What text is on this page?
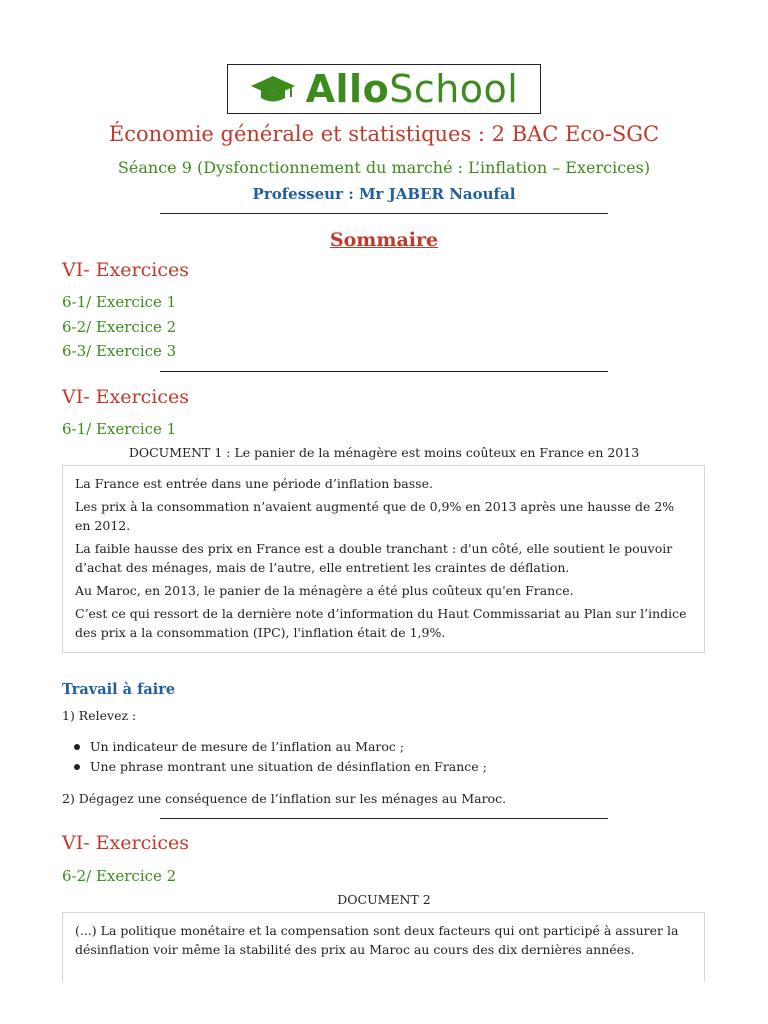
AlloSchool
Économie générale et statistiques : 2 BAC Eco-SGC
Séance 9 (Dysfonctionnement du marché : L’inflation – Exercices)
Professeur : Mr JABER Naoufal
Sommaire
VI- Exercices
6-1/ Exercice 1
6-2/ Exercice 2
6-3/ Exercice 3
VI- Exercices
6-1/ Exercice 1
DOCUMENT 1 : Le panier de la ménagère est moins coûteux en France en 2013

La France est entrée dans une période d’inflation basse.

Les prix à la consommation n’avaient augmenté que de 0,9% en 2013 après une hausse de 2% en 2012.

La faible hausse des prix en France est a double tranchant : d'un côté, elle soutient le pouvoir d’achat des ménages, mais de l’autre, elle entretient les craintes de déflation.

Au Maroc, en 2013, le panier de la ménagère a été plus coûteux qu'en France.

C’est ce qui ressort de la dernière note d’information du Haut Commissariat au Plan sur l’indice des prix a la consommation (IPC), l'inflation était de 1,9%.

Travail à faire
1) Relevez :
Un indicateur de mesure de l’inflation au Maroc ;
Une phrase montrant une situation de désinflation en France ;
2) Dégagez une conséquence de l’inflation sur les ménages au Maroc.
VI- Exercices
6-2/ Exercice 2
DOCUMENT 2

(...) La politique monétaire et la compensation sont deux facteurs qui ont participé à assurer la désinflation voir même la stabilité des prix au Maroc au cours des dix dernières années.
